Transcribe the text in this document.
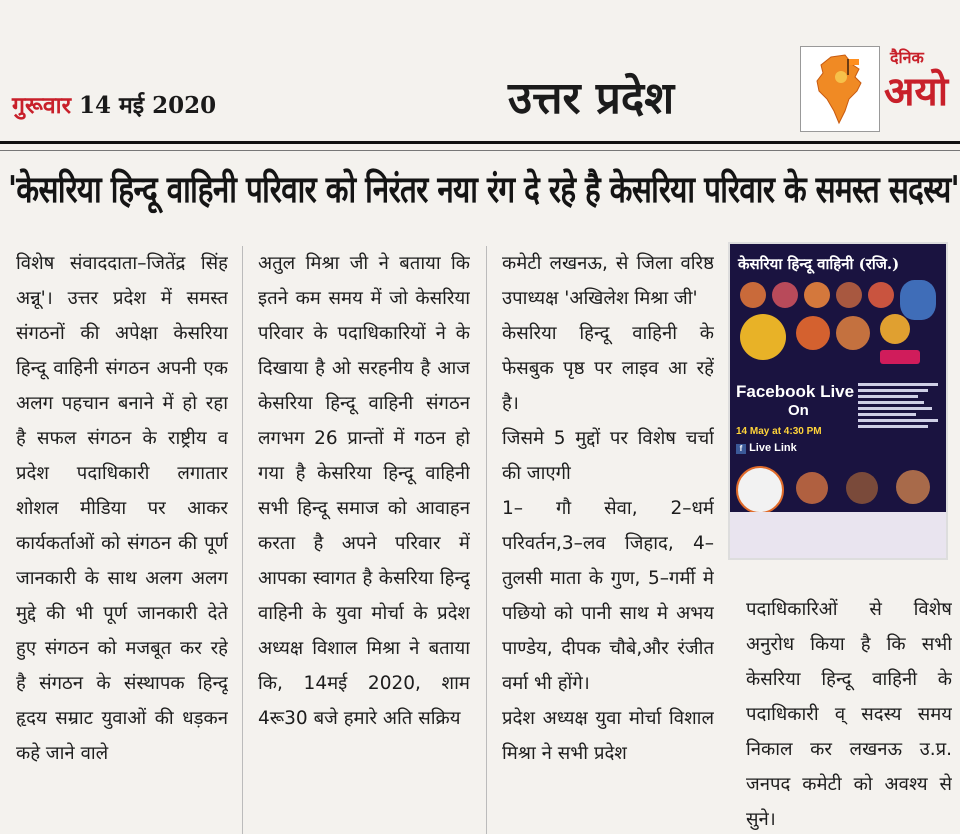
गुरूवार 14 मई 2020	उत्तर प्रदेश
दैनिक
अयो
'केसरिया हिन्दू वाहिनी परिवार को निरंतर नया रंग दे रहे है केसरिया परिवार के समस्त सदस्य'

विशेष संवाददाता–जितेंद्र सिंह अन्नू'। उत्तर प्रदेश में समस्त संगठनों की अपेक्षा केसरिया हिन्दू वाहिनी संगठन अपनी एक अलग पहचान बनाने में हो रहा है सफल संगठन के राष्ट्रीय व प्रदेश पदाधिकारी लगातार शोशल मीडिया पर आकर कार्यकर्ताओं को संगठन की पूर्ण जानकारी के साथ अलग अलग मुद्दे की भी पूर्ण जानकारी देते हुए संगठन को मजबूत कर रहे है संगठन के संस्थापक हिन्दू हृदय सम्राट युवाओं की धड़कन कहे जाने वाले

अतुल मिश्रा जी ने बताया कि इतने कम समय में जो केसरिया परिवार के पदाधिकारियों ने के दिखाया है ओ सरहनीय है आज केसरिया हिन्दू वाहिनी संगठन लगभग 26 प्रान्तों में गठन हो गया है केसरिया हिन्दू वाहिनी सभी हिन्दू समाज को आवाहन करता है अपने परिवार में आपका स्वागत है केसरिया हिन्दू वाहिनी के युवा मोर्चा के प्रदेश अध्यक्ष विशाल मिश्रा ने बताया कि, 14मई 2020, शाम 4रू30 बजे हमारे अति सक्रिय

कमेटी लखनऊ, से जिला वरिष्ठ उपाध्यक्ष 'अखिलेश मिश्रा जी'

केसरिया हिन्दू वाहिनी के फेसबुक पृष्ठ पर लाइव आ रहें है।

जिसमे 5 मुद्दों पर विशेष चर्चा की जाएगी

1– गौ सेवा, 2–धर्म परिवर्तन,3–लव जिहाद, 4– तुलसी माता के गुण, 5–गर्मी मे पछियो को पानी साथ मे अभय पाण्डेय, दीपक चौबे,और रंजीत वर्मा भी होंगे।

प्रदेश अध्यक्ष युवा मोर्चा विशाल मिश्रा ने सभी प्रदेश

केसरिया हिन्दू वाहिनी (रजि.)
Facebook Live
On
14 May at 4:30 PM
f Live Link

पदाधिकारिओं से विशेष अनुरोध किया है कि सभी केसरिया हिन्दू वाहिनी के पदाधिकारी व् सदस्य समय निकाल कर लखनऊ उ.प्र. जनपद कमेटी को अवश्य से सुने।
